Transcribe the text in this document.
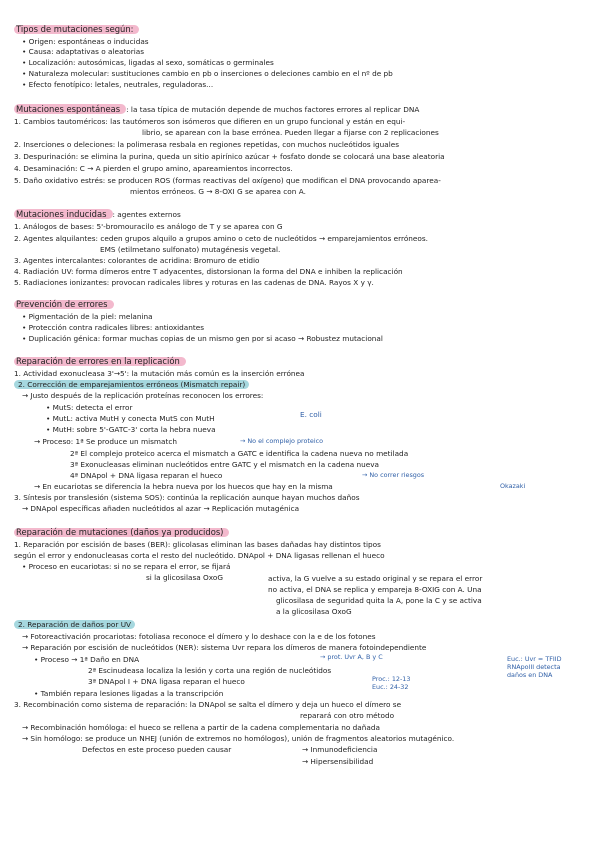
Tipos de mutaciones según:
• Origen: espontáneas o inducidas
• Causa: adaptativas o aleatorias
• Localización: autosómicas, ligadas al sexo, somáticas o germinales
• Naturaleza molecular: sustituciones cambio en pb o inserciones o deleciones cambio en el nº de pb
• Efecto fenotípico: letales, neutrales, reguladoras...
Mutaciones espontáneas : la tasa típica de mutación depende de muchos factores errores al replicar DNA
1. Cambios tautoméricos: las tautómeros son isómeros que difieren en un grupo funcional y están en equi-
librio, se aparean con la base errónea. Pueden llegar a fijarse con 2 replicaciones
2. Inserciones o deleciones: la polimerasa resbala en regiones repetidas, con muchos nucleótidos iguales
3. Despurinación: se elimina la purina, queda un sitio apirínico azúcar + fosfato donde se colocará una base aleatoria
4. Desaminación: C → A pierden el grupo amino, apareamientos incorrectos.
5. Daño oxidativo estrés: se producen ROS (formas reactivas del oxígeno) que modifican el DNA provocando aparea-
mientos erróneos. G → 8-OXI G se aparea con A.
Mutaciones inducidas : agentes externos
1. Análogos de bases: 5'-bromouracilo es análogo de T y se aparea con G
2. Agentes alquilantes: ceden grupos alquilo a grupos amino o ceto de nucleótidos → emparejamientos erróneos.
EMS (etilmetano sulfonato) mutagénesis vegetal.
3. Agentes intercalantes: colorantes de acridina: Bromuro de etidio
4. Radiación UV: forma dímeros entre T adyacentes, distorsionan la forma del DNA e inhiben la replicación
5. Radiaciones ionizantes: provocan radicales libres y roturas en las cadenas de DNA. Rayos X y γ.
Prevención de errores
• Pigmentación de la piel: melanina
• Protección contra radicales libres: antioxidantes
• Duplicación génica: formar muchas copias de un mismo gen por si acaso → Robustez mutacional
Reparación de errores en la replicación
1. Actividad exonucleasa 3'→5': la mutación más común es la inserción errónea
2. Corrección de emparejamientos erróneos (Mismatch repair)
→ Justo después de la replicación proteínas reconocen los errores:
• MutS: detecta el error
• MutL: activa MutH y conecta MutS con MutH
• MutH: sobre 5'-GATC-3' corta la hebra nueva
E. coli
→ Proceso: 1ª Se produce un mismatch	→ No el complejo proteico
2ª El complejo proteico acerca el mismatch a GATC e identifica la cadena nueva no metilada
3ª Exonucleasas eliminan nucleótidos entre GATC y el mismatch en la cadena nueva
4ª DNApol + DNA ligasa reparan el hueco	→ No correr riesgos
→ En eucariotas se diferencia la hebra nueva por los huecos que hay en la misma	Okazaki
3. Síntesis por translesión (sistema SOS): continúa la replicación aunque hayan muchos daños
→ DNApol específicas añaden nucleótidos al azar → Replicación mutagénica
Reparación de mutaciones (daños ya producidos)
1. Reparación por escisión de bases (BER): glicolasas eliminan las bases dañadas hay distintos tipos
según el error y endonucleasas corta el resto del nucleótido. DNApol + DNA ligasas rellenan el hueco
• Proceso en eucariotas: si no se repara el error, se fijará
si la glicosilasa OxoG	activa, la G vuelve a su estado original y se repara el error
no activa, el DNA se replica y empareja 8-OXIG con A. Una
glicosilasa de seguridad quita la A, pone la C y se activa
a la glicosilasa OxoG
2. Reparación de daños por UV
→ Fotoreactivación procariotas: fotoliasa reconoce el dímero y lo deshace con la e de los fotones
→ Reparación por escisión de nucleótidos (NER): sistema Uvr repara los dímeros de manera fotoindependiente
→ prot. Uvr A, B y C	Euc.: Uvr = TFIID
RNApolII detecta
daños en DNA
• Proceso → 1ª Daño en DNA
2ª Escinudeasa localiza la lesión y corta una región de nucleótidos
3ª DNApol I + DNA ligasa reparan el hueco	Proc.: 12-13
Euc.: 24-32
• También repara lesiones ligadas a la transcripción
3. Recombinación como sistema de reparación: la DNApol se salta el dímero y deja un hueco el dímero se
reparará con otro método
→ Recombinación homóloga: el hueco se rellena a partir de la cadena complementaria no dañada
→ Sin homólogo: se produce un NHEJ (unión de extremos no homólogos), unión de fragmentos aleatorios mutagénico.
Defectos en este proceso pueden causar	→ Inmunodeficiencia
→ Hipersensibilidad
